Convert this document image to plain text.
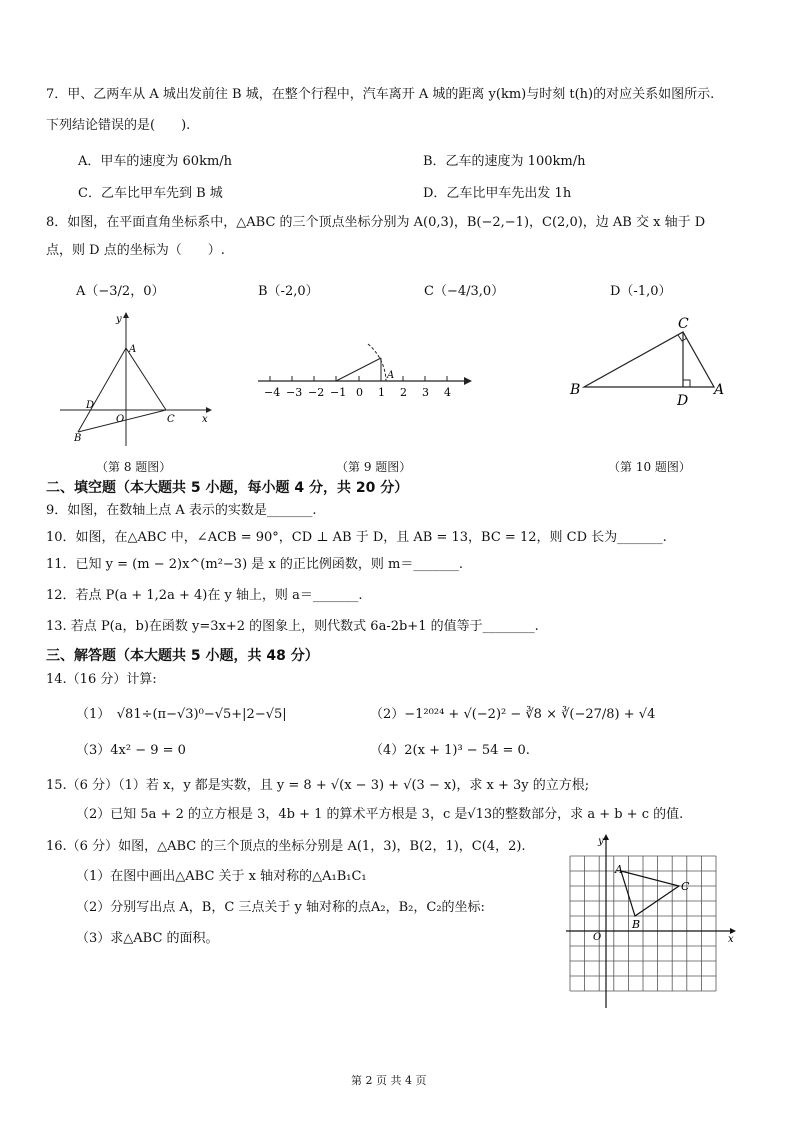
7．甲、乙两车从 A 城出发前往 B 城，在整个行程中，汽车离开 A 城的距离 y(km)与时刻 t(h)的对应关系如图所示.
下列结论错误的是(　　).
A．甲车的速度为 60km/h	B．乙车的速度为 100km/h
C．乙车比甲车先到 B 城	D．乙车比甲车先出发 1h
8．如图，在平面直角坐标系中，△ABC 的三个顶点坐标分别为 A(0,3)，B(−2,−1)，C(2,0)，边 AB 交 x 轴于 D
点，则 D 点的坐标为（　　）.
A（−3/2，0）	B（-2,0）	C（−4/3,0）	D（-1,0）
y
x
A
O	C
D
B
（第 8 题图）
−4 −3 −2 −1 0 1 2 3 4
A
（第 9 题图）
B
C
D
A
（第 10 题图）
二、填空题（本大题共 5 小题，每小题 4 分，共 20 分）
9．如图，在数轴上点 A 表示的实数是_______.
10．如图，在△ABC 中，∠ACB = 90°，CD ⊥ AB 于 D，且 AB = 13，BC = 12，则 CD 长为_______.
11．已知 y = (m − 2)x^(m²−3) 是 x 的正比例函数，则 m＝_______.
12．若点 P(a + 1,2a + 4)在 y 轴上，则 a＝_______.
13. 若点 P(a，b)在函数 y=3x+2 的图象上，则代数式 6a-2b+1 的值等于________.
三、解答题（本大题共 5 小题，共 48 分）
14.（16 分）计算:
（1）　√81÷(π−√3)⁰−√5+|2−√5|	（2）−1²⁰²⁴ + √(−2)² − ∛8 × ∛(−27/8) + √4
（3）4x² − 9 = 0	（4）2(x + 1)³ − 54 = 0.
15.（6 分）（1）若 x，y 都是实数，且 y = 8 + √(x − 3) + √(3 − x)，求 x + 3y 的立方根;
（2）已知 5a + 2 的立方根是 3，4b + 1 的算术平方根是 3，c 是√13的整数部分，求 a + b + c 的值.
16.（6 分）如图，△ABC 的三个顶点的坐标分别是 A(1，3)，B(2，1)，C(4，2).
（1）在图中画出△ABC 关于 x 轴对称的△A₁B₁C₁
（2）分别写出点 A，B，C 三点关于 y 轴对称的点A₂，B₂，C₂的坐标:
（3）求△ABC 的面积。
y
x
O
A
C
B
第 2 页 共 4 页
